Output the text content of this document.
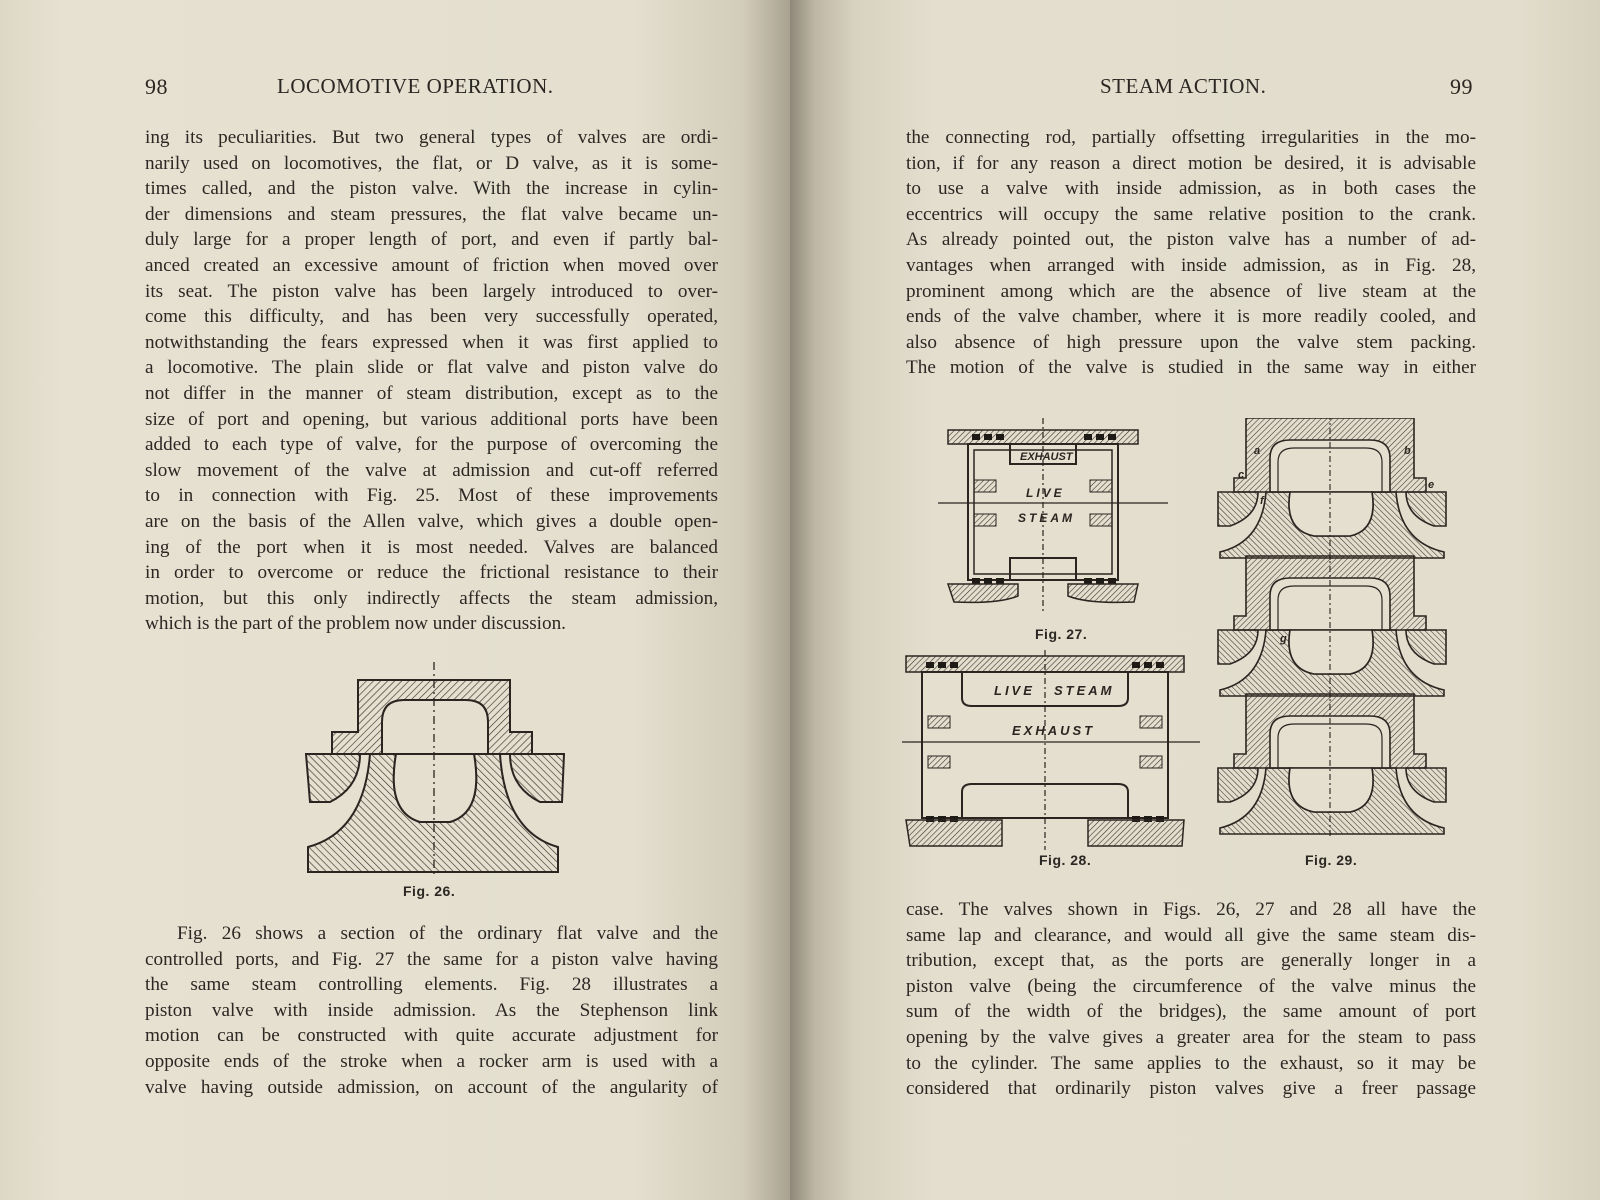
98	LOCOMOTIVE OPERATION.

ing its peculiarities. But two general types of valves are ordi-

narily used on locomotives, the flat, or D valve, as it is some-

times called, and the piston valve. With the increase in cylin-

der dimensions and steam pressures, the flat valve became un-

duly large for a proper length of port, and even if partly bal-

anced created an excessive amount of friction when moved over

its seat. The piston valve has been largely introduced to over-

come this difficulty, and has been very successfully operated,

notwithstanding the fears expressed when it was first applied to

a locomotive. The plain slide or flat valve and piston valve do

not differ in the manner of steam distribution, except as to the

size of port and opening, but various additional ports have been

added to each type of valve, for the purpose of overcoming the

slow movement of the valve at admission and cut-off referred

to in connection with Fig. 25. Most of these improvements

are on the basis of the Allen valve, which gives a double open-

ing of the port when it is most needed. Valves are balanced

in order to overcome or reduce the frictional resistance to their

motion, but this only indirectly affects the steam admission,

which is the part of the problem now under discussion.

Fig. 26.

Fig. 26 shows a section of the ordinary flat valve and the

controlled ports, and Fig. 27 the same for a piston valve having

the same steam controlling elements. Fig. 28 illustrates a

piston valve with inside admission. As the Stephenson link

motion can be constructed with quite accurate adjustment for

opposite ends of the stroke when a rocker arm is used with a

valve having outside admission, on account of the angularity of

STEAM ACTION.	99

the connecting rod, partially offsetting irregularities in the mo-

tion, if for any reason a direct motion be desired, it is advisable

to use a valve with inside admission, as in both cases the

eccentrics will occupy the same relative position to the crank.

As already pointed out, the piston valve has a number of ad-

vantages when arranged with inside admission, as in Fig. 28,

prominent among which are the absence of live steam at the

ends of the valve chamber, where it is more readily cooled, and

also absence of high pressure upon the valve stem packing.

The motion of the valve is studied in the same way in either

EXHAUST
LIVE
STEAM
Fig. 27.
LIVE STEAM
EXHAUST
Fig. 28.
c
a
f
b
e
g
Fig. 29.

case. The valves shown in Figs. 26, 27 and 28 all have the

same lap and clearance, and would all give the same steam dis-

tribution, except that, as the ports are generally longer in a

piston valve (being the circumference of the valve minus the

sum of the width of the bridges), the same amount of port

opening by the valve gives a greater area for the steam to pass

to the cylinder. The same applies to the exhaust, so it may be

considered that ordinarily piston valves give a freer passage
